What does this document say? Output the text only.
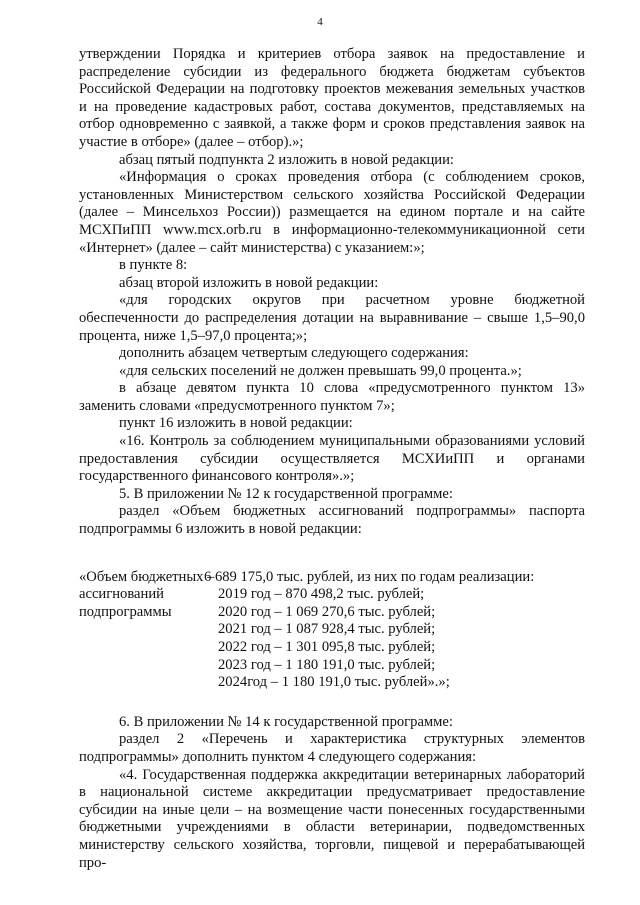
4

утверждении Порядка и критериев отбора заявок на предоставление и распределение субсидии из федерального бюджета бюджетам субъектов Российской Федерации на подготовку проектов межевания земельных участков и на проведение кадастровых работ, состава документов, представляемых на отбор одновременно с заявкой, а также форм и сроков представления заявок на участие в отборе» (далее – отбор).»;

абзац пятый подпункта 2 изложить в новой редакции:

«Информация о сроках проведения отбора (с соблюдением сроков, установленных Министерством сельского хозяйства Российской Федерации (далее – Минсельхоз России)) размещается на едином портале и на сайте МСХПиПП www.mcx.orb.ru в информационно-телекоммуникационной сети «Интернет» (далее – сайт министерства) с указанием:»;

в пункте 8:

абзац второй изложить в новой редакции:

«для городских округов при расчетном уровне бюджетной обеспеченности до распределения дотации на выравнивание – свыше 1,5–90,0 процента, ниже 1,5–97,0 процента;»;

дополнить абзацем четвертым следующего содержания:

«для сельских поселений не должен превышать 99,0 процента.»;

в абзаце девятом пункта 10 слова «предусмотренного пунктом 13» заменить словами «предусмотренного пунктом 7»;

пункт 16 изложить в новой редакции:

«16. Контроль за соблюдением муниципальными образованиями условий предоставления субсидии осуществляется МСХИиПП и органами государственного финансового контроля».»;

5. В приложении № 12 к государственной программе:

раздел «Объем бюджетных ассигнований подпрограммы» паспорта подпрограммы 6 изложить в новой редакции:

«Объем бюджетных –
ассигнований
подпрограммы
6 689 175,0 тыс. рублей, из них по годам реализации:
2019 год – 870 498,2 тыс. рублей;
2020 год – 1 069 270,6 тыс. рублей;
2021 год – 1 087 928,4 тыс. рублей;
2022 год – 1 301 095,8 тыс. рублей;
2023 год – 1 180 191,0 тыс. рублей;
2024год – 1 180 191,0 тыс. рублей».»;

6. В приложении № 14 к государственной программе:

раздел 2 «Перечень и характеристика структурных элементов подпрограммы» дополнить пунктом 4 следующего содержания:

«4. Государственная поддержка аккредитации ветеринарных лабораторий в национальной системе аккредитации предусматривает предоставление субсидии на иные цели – на возмещение части понесенных государственными бюджетными учреждениями в области ветеринарии, подведомственных министерству сельского хозяйства, торговли, пищевой и перерабатывающей про-
